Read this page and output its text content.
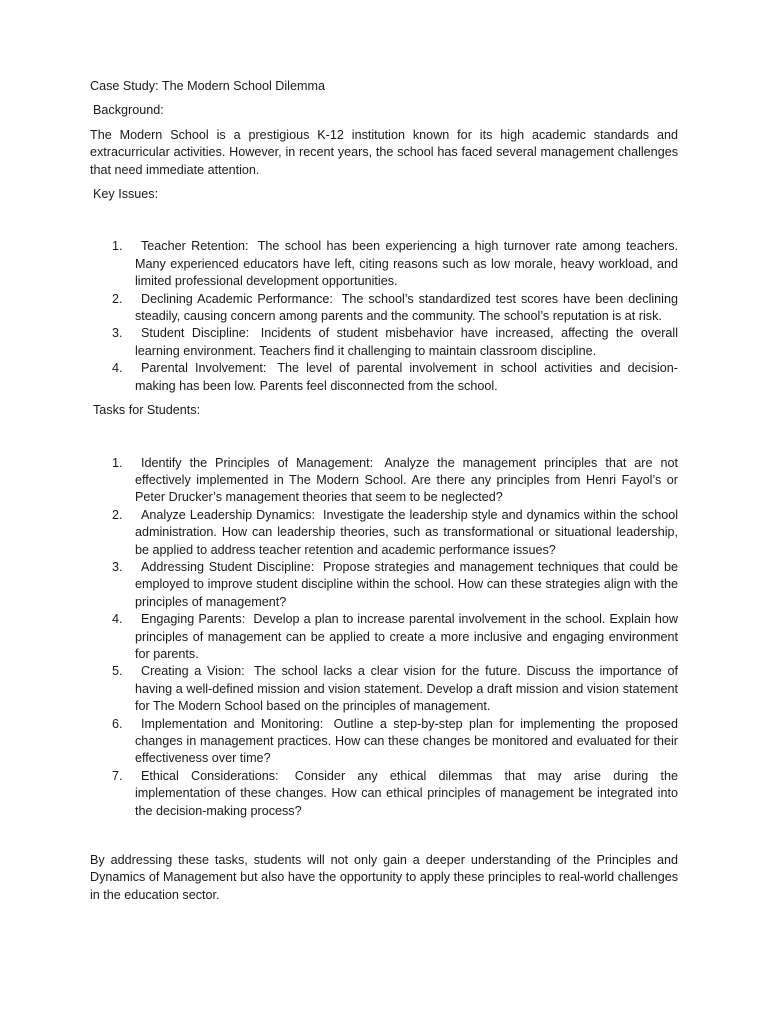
Case Study: The Modern School Dilemma
Background:
The Modern School is a prestigious K-12 institution known for its high academic standards and extracurricular activities. However, in recent years, the school has faced several management challenges that need immediate attention.
Key Issues:
1. Teacher Retention: The school has been experiencing a high turnover rate among teachers. Many experienced educators have left, citing reasons such as low morale, heavy workload, and limited professional development opportunities.
2. Declining Academic Performance: The school’s standardized test scores have been declining steadily, causing concern among parents and the community. The school’s reputation is at risk.
3. Student Discipline: Incidents of student misbehavior have increased, affecting the overall learning environment. Teachers find it challenging to maintain classroom discipline.
4. Parental Involvement: The level of parental involvement in school activities and decision-making has been low. Parents feel disconnected from the school.
Tasks for Students:
1. Identify the Principles of Management: Analyze the management principles that are not effectively implemented in The Modern School. Are there any principles from Henri Fayol’s or Peter Drucker’s management theories that seem to be neglected?
2. Analyze Leadership Dynamics: Investigate the leadership style and dynamics within the school administration. How can leadership theories, such as transformational or situational leadership, be applied to address teacher retention and academic performance issues?
3. Addressing Student Discipline: Propose strategies and management techniques that could be employed to improve student discipline within the school. How can these strategies align with the principles of management?
4. Engaging Parents: Develop a plan to increase parental involvement in the school. Explain how principles of management can be applied to create a more inclusive and engaging environment for parents.
5. Creating a Vision: The school lacks a clear vision for the future. Discuss the importance of having a well-defined mission and vision statement. Develop a draft mission and vision statement for The Modern School based on the principles of management.
6. Implementation and Monitoring: Outline a step-by-step plan for implementing the proposed changes in management practices. How can these changes be monitored and evaluated for their effectiveness over time?
7. Ethical Considerations: Consider any ethical dilemmas that may arise during the implementation of these changes. How can ethical principles of management be integrated into the decision-making process?
By addressing these tasks, students will not only gain a deeper understanding of the Principles and Dynamics of Management but also have the opportunity to apply these principles to real-world challenges in the education sector.
